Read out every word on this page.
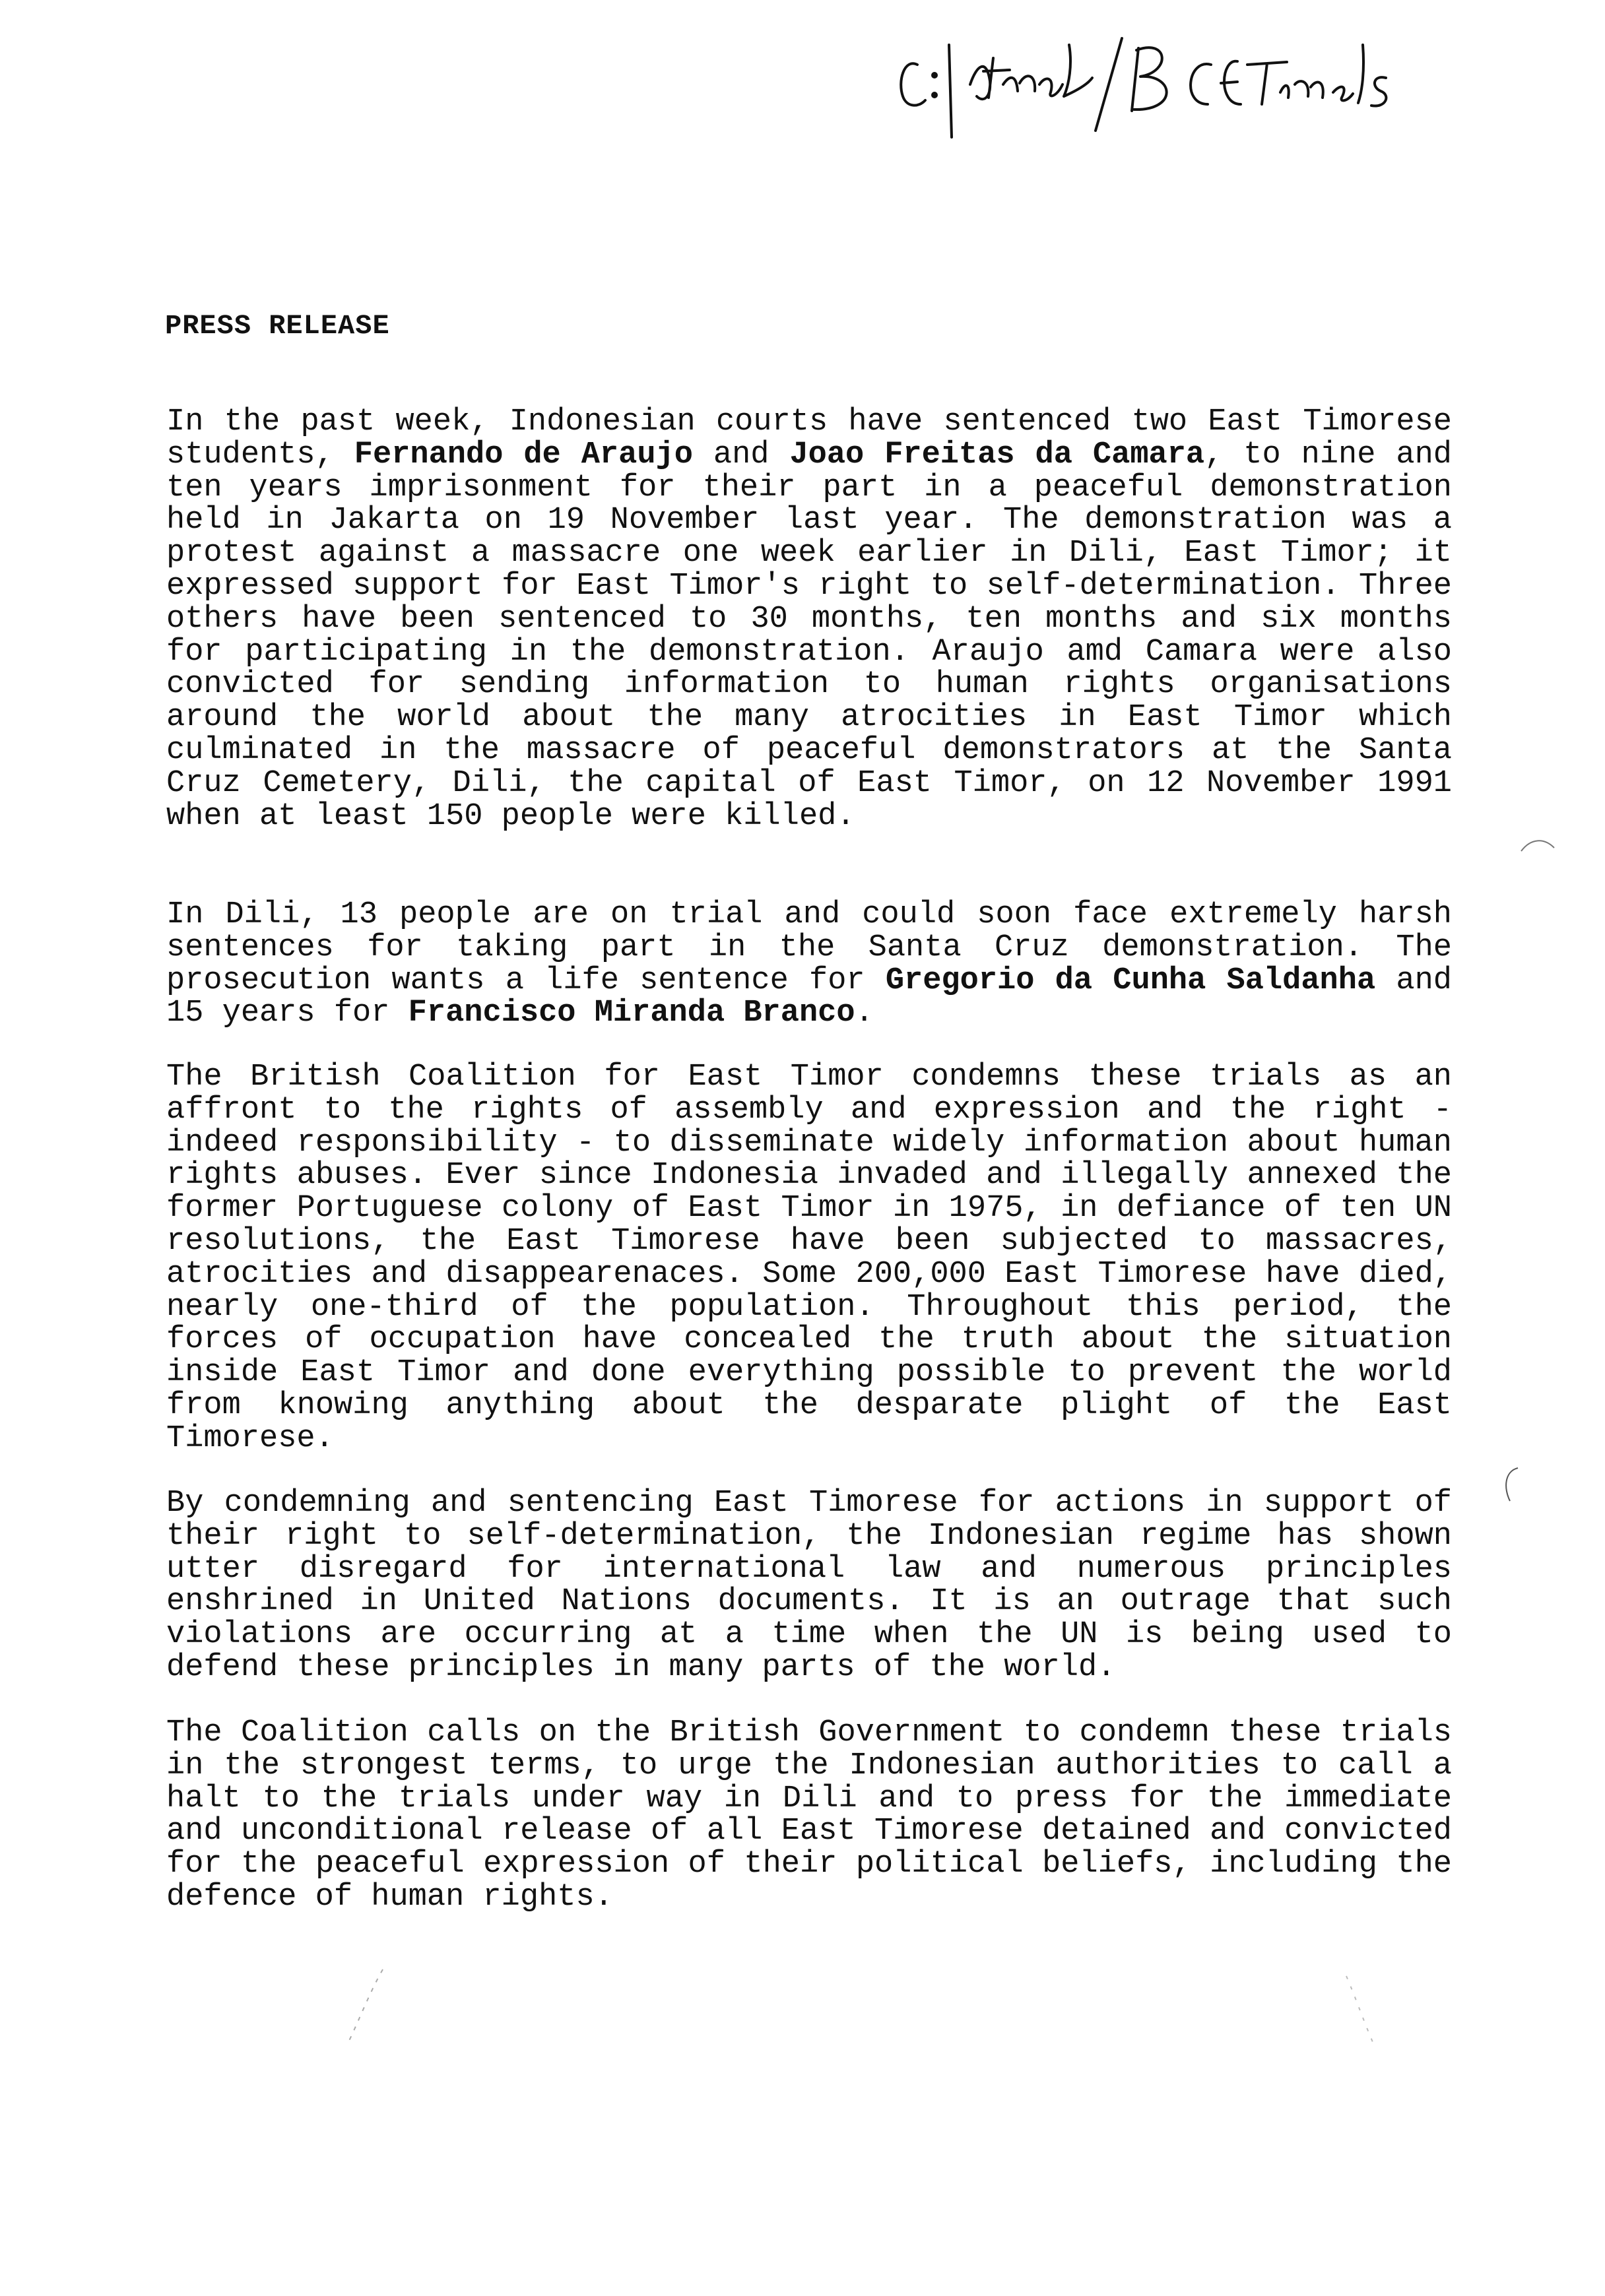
PRESS RELEASE

In the past week, Indonesian courts have sentenced two East Timorese students, Fernando de Araujo and Joao Freitas da Camara, to nine and ten years imprisonment for their part in a peaceful demonstration held in Jakarta on 19 November last year. The demonstration was a protest against a massacre one week earlier in Dili, East Timor; it expressed support for East Timor's right to self-determination. Three others have been sentenced to 30 months, ten months and six months for participating in the demonstration. Araujo amd Camara were also convicted for sending information to human rights organisations around the world about the many atrocities in East Timor which culminated in the massacre of peaceful demonstrators at the Santa Cruz Cemetery, Dili, the capital of East Timor, on 12 November 1991 when at least 150 people were killed.

In Dili, 13 people are on trial and could soon face extremely harsh sentences for taking part in the Santa Cruz demonstration. The prosecution wants a life sentence for Gregorio da Cunha Saldanha and 15 years for Francisco Miranda Branco.

The British Coalition for East Timor condemns these trials as an affront to the rights of assembly and expression and the right - indeed responsibility - to disseminate widely information about human rights abuses. Ever since Indonesia invaded and illegally annexed the former Portuguese colony of East Timor in 1975, in defiance of ten UN resolutions, the East Timorese have been subjected to massacres, atrocities and disappearenaces. Some 200,000 East Timorese have died, nearly one-third of the population. Throughout this period, the forces of occupation have concealed the truth about the situation inside East Timor and done everything possible to prevent the world from knowing anything about the desparate plight of the East Timorese.

By condemning and sentencing East Timorese for actions in support of their right to self-determination, the Indonesian regime has shown utter disregard for international law and numerous principles enshrined in United Nations documents. It is an outrage that such violations are occurring at a time when the UN is being used to defend these principles in many parts of the world.

The Coalition calls on the British Government to condemn these trials in the strongest terms, to urge the Indonesian authorities to call a halt to the trials under way in Dili and to press for the immediate and unconditional release of all East Timorese detained and convicted for the peaceful expression of their political beliefs, including the defence of human rights.
